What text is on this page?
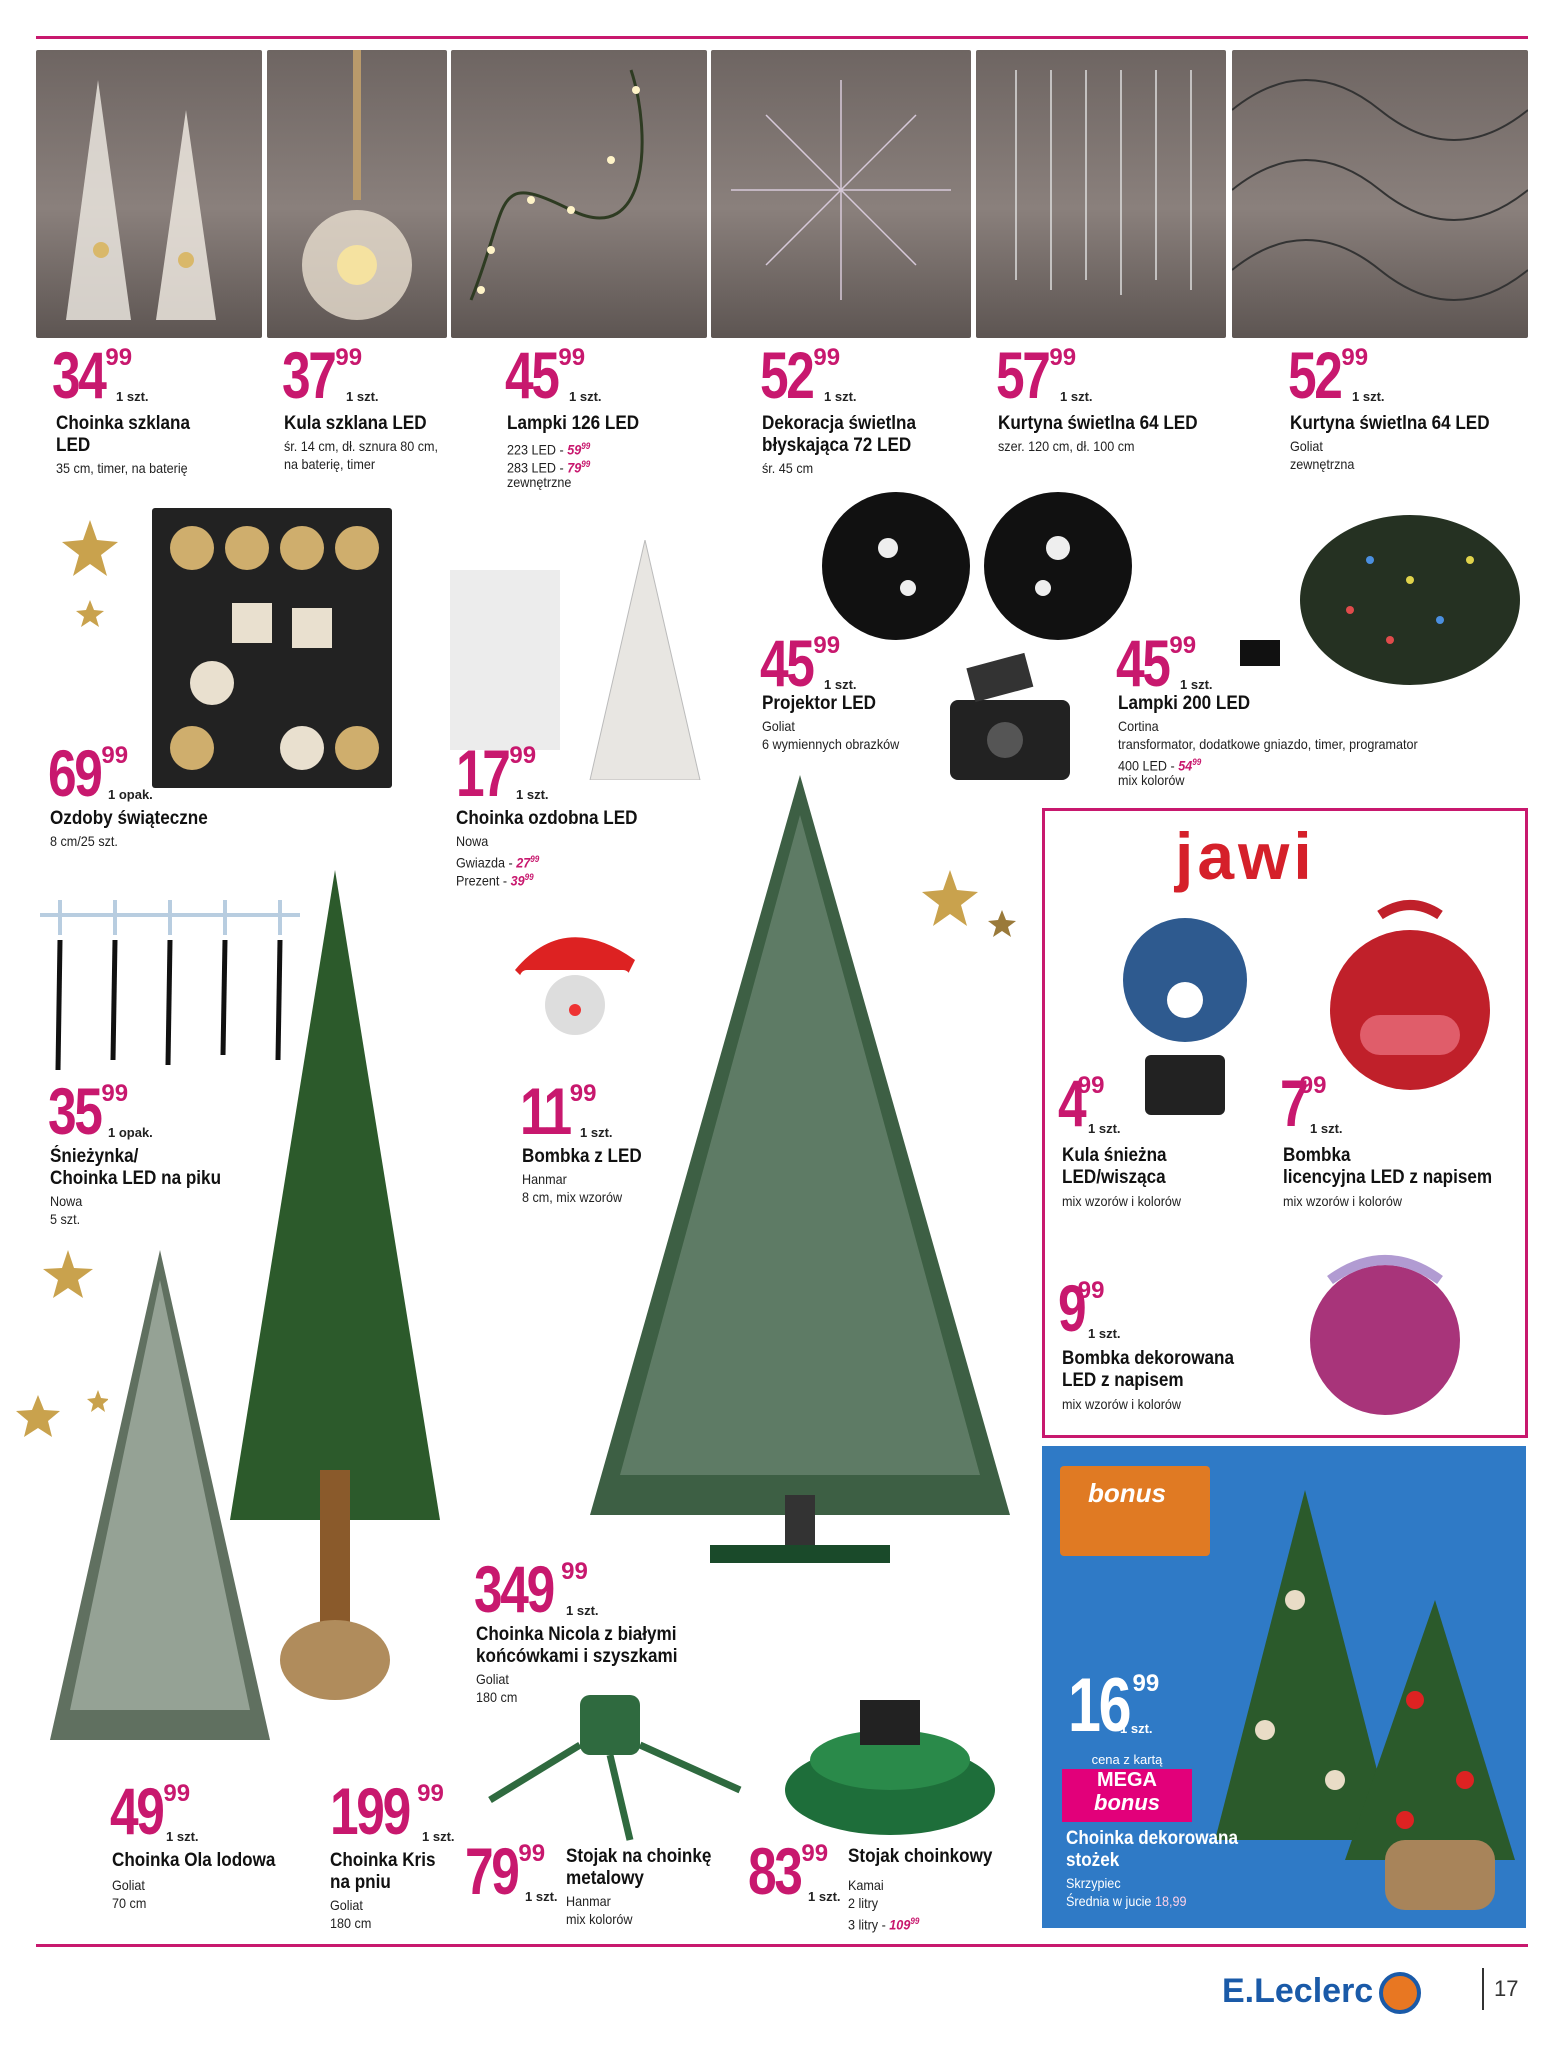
3499
1 szt.
Choinka szklana
LED
35 cm, timer, na baterię
3799
1 szt.
Kula szklana LED
śr. 14 cm, dł. sznura 80 cm,
na baterię, timer
4599
1 szt.
Lampki 126 LED
223 LED - $59^{99}$
283 LED - $79^{99}$
zewnętrzne
5299
1 szt.
Dekoracja świetlna
błyskająca 72 LED
śr. 45 cm
5799
1 szt.
Kurtyna świetlna 64 LED
szer. 120 cm, dł. 100 cm
5299
1 szt.
Kurtyna świetlna 64 LED
Goliat
zewnętrzna
4599
1 szt.
Projektor LED
Goliat
6 wymiennych obrazków
4599
1 szt.
Lampki 200 LED
Cortina
transformator, dodatkowe gniazdo, timer, programator
400 LED - $54^{99}$
mix kolorów
6999
1 opak.
Ozdoby świąteczne
8 cm/25 szt.
1799
1 szt.
Choinka ozdobna LED
Nowa
Gwiazda - $27^{99}$
Prezent - $39^{99}$	jawi
499
1 szt.
Kula śnieżna
LED/wisząca
mix wzorów i kolorów
799
1 szt.
Bombka
licencyjna LED z napisem
mix wzorów i kolorów
999
1 szt.
Bombka dekorowana
LED z napisem
mix wzorów i kolorów
3599
1 opak.
Śnieżynka/
Choinka LED na piku
Nowa
5 szt.
1199
1 szt.
Bombka z LED
Hanmar
8 cm, mix wzorów
349 99
1 szt.
Choinka Nicola z białymi
końcówkami i szyszkami
Goliat
180 cm
bonus
16 99
1 szt.
cena z kartą
MEGA
bonus
Choinka dekorowana
stożek
Skrzypiec
Średnia w jucie 18,99
4999
1 szt.
Choinka Ola lodowa
Goliat
70 cm
199 99
1 szt.
Choinka Kris
na pniu
Goliat
180 cm
7999
1 szt.
Stojak na choinkę
metalowy
Hanmar
mix kolorów
8399
1 szt.
Stojak choinkowy
Kamai
2 litry
3 litry - $109^{99}$
E.Leclerc	17
